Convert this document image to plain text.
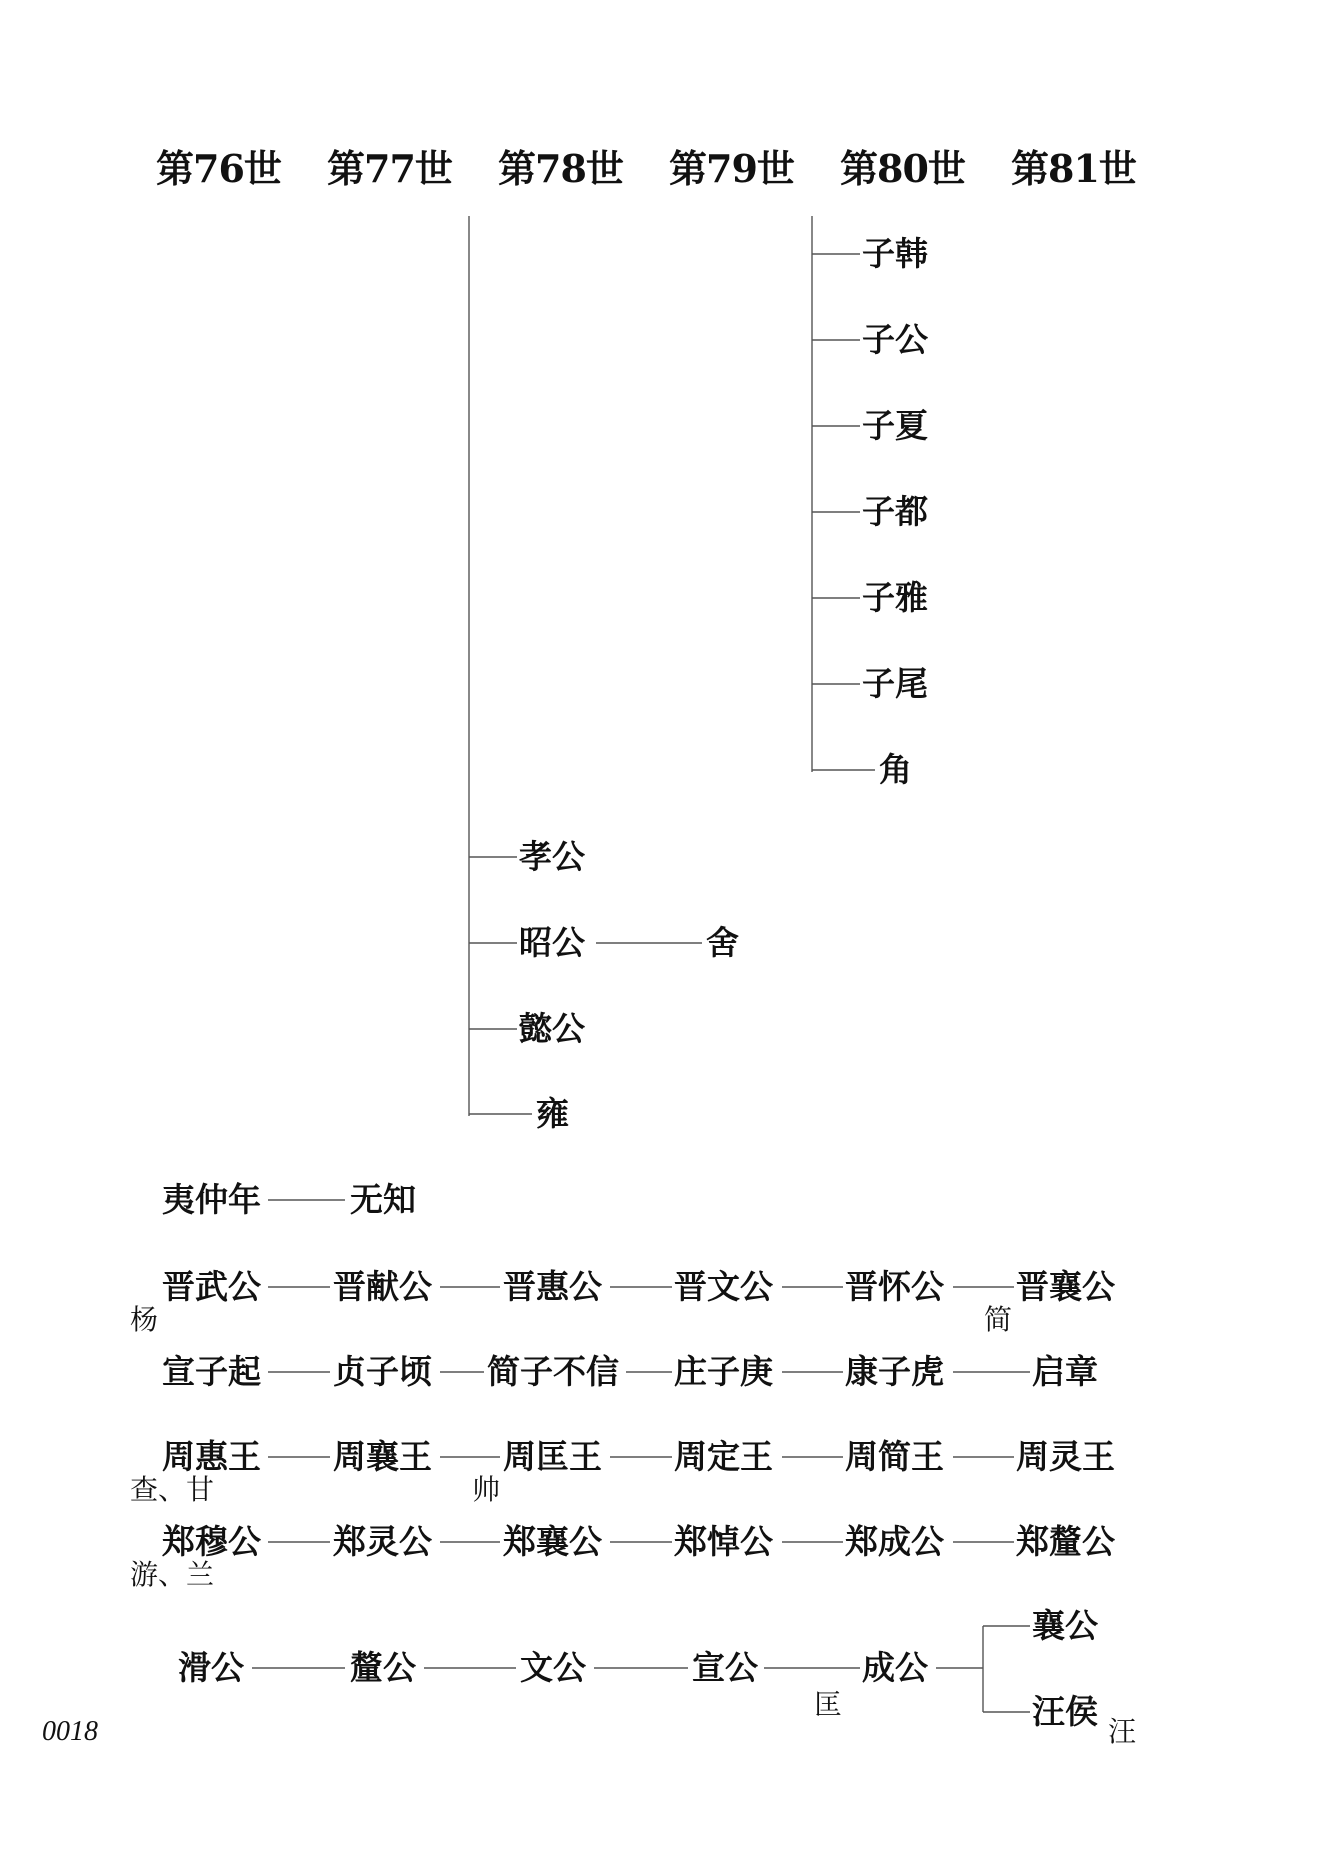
第76世 第77世 第78世 第79世 第80世 第81世
子韩
子公
子夏
子都
子雅
子尾
角
孝公
昭公
懿公
雍
舍
夷仲年	无知
晋武公 晋献公 晋惠公 晋文公 晋怀公 晋襄公
杨	简
宣子起 贞子顷 简子不信 庄子庚 康子虎	启章
周惠王 周襄王 周匡王 周定王 周简王 周灵王
查、甘	帅
郑穆公 郑灵公 郑襄公 郑悼公 郑成公 郑釐公
游、兰
滑公	釐公	文公	宣公	成公
襄公
汪侯
匡
汪
0018
